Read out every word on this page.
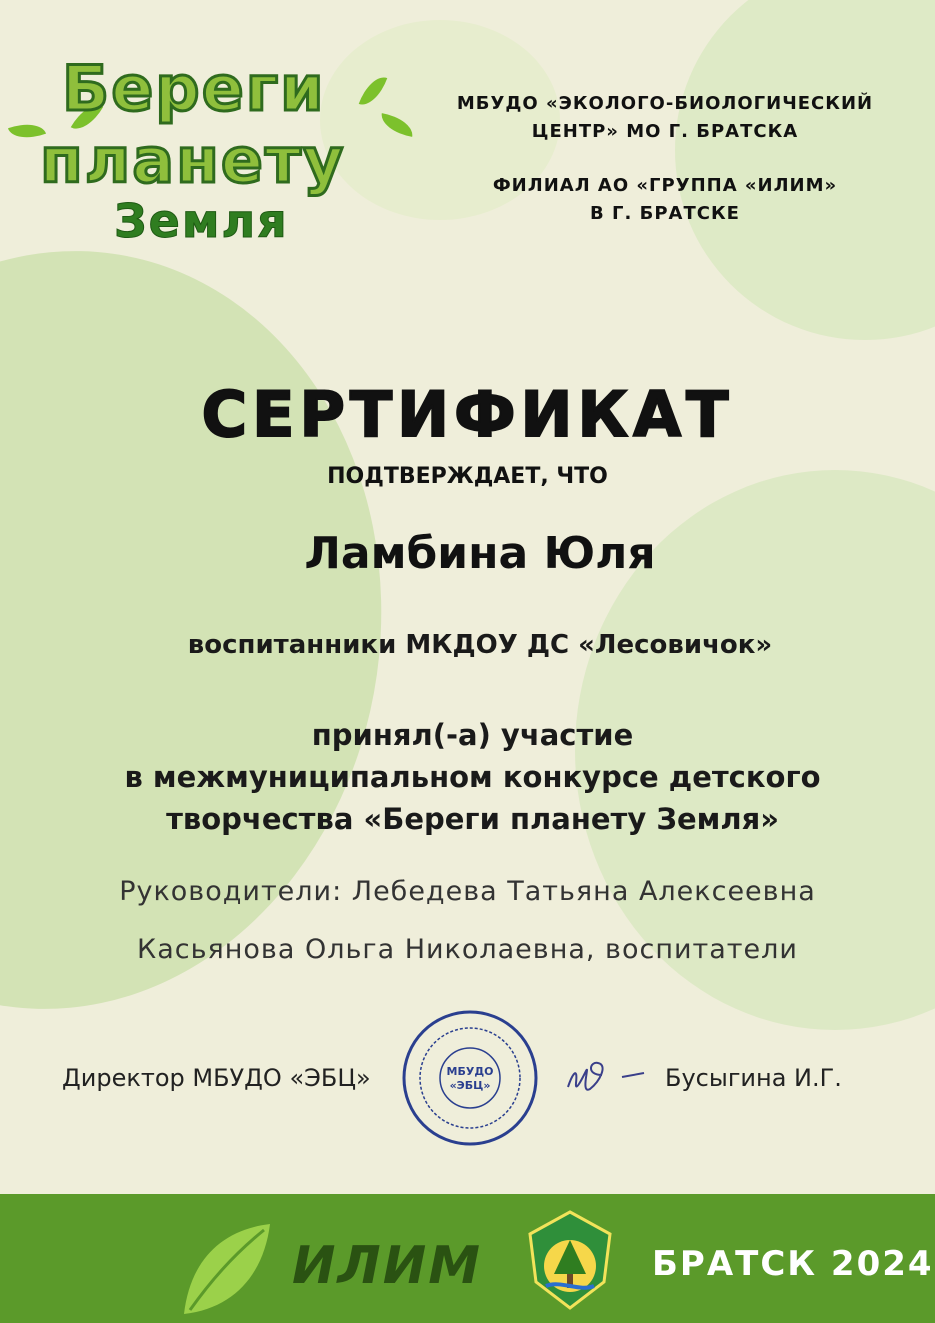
Береги
планету
Земля
МБУДО «ЭКОЛОГО-БИОЛОГИЧЕСКИЙ
ЦЕНТР» МО Г. БРАТСКА
ФИЛИАЛ АО «ГРУППА «ИЛИМ»
В Г. БРАТСКЕ
СЕРТИФИКАТ
ПОДТВЕРЖДАЕТ, ЧТО
Ламбина Юля
воспитанники МКДОУ ДС «Лесовичок»
принял(-а) участие
в межмуниципальном конкурсе детского
творчества «Береги планету Земля»
Руководители: Лебедева Татьяна Алексеевна
Касьянова Ольга Николаевна, воспитатели
Директор МБУДО «ЭБЦ»	МБУДО
«ЭБЦ»	Бусыгина И.Г.
ИЛИМ	БРАТСК 2024
